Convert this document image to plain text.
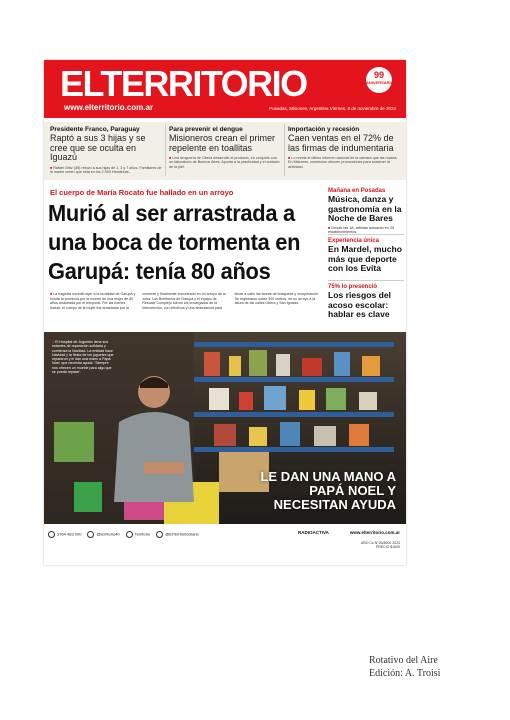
ELTERRITORIO
www.elterritorio.com.ar
99
ANIVERSARIO
Posadas, Misiones, Argentina Viernes, 8 de noviembre de 2024
Presidente Franco, Paraguay
Raptó a sus 3 hijas y se cree que se oculta en Iguazú
■ Rafael Ortiz (39) retuvo a sus hijas de 1, 3 y 7 años. Familiares de la madre creen que está en los 2.000 Hectáreas.
Para prevenir el dengue
Misioneros crean el primer repelente en toallitas
■ Una droguería de Oberá desarrolló el producto, en conjunto con un laboratorio de Buenos Aires. Apunta a la practicidad y el cuidado de la piel.
Importación y recesión
Caen ventas en el 72% de las firmas de indumentaria
■ Lo revela el último informe nacional de la cámara que las nuclea. En Misiones, comercios ofrecen promociones para sostener la actividad.
El cuerpo de María Rocato fue hallado en un arroyo
Murió al ser arrastrada a una boca de tormenta en Garupá: tenía 80 años
■ La tragedia sucedió ayer a la localidad de Garupá y enluta la provincia por la muerte de una mujer de 80 años arrastrada por el temporal. Por las fuertes lluvias, el cuerpo de la mujer fue arrastrada por la corriente y finalmente encontrado en un arroyo de la zona. Los Bomberos de Garupá y el equipo de Rescate Complejo fueron los encargados de la intervención, con efectivos y una ambulancia para llevar a cabo las tareas de búsqueda y recuperación. Se registraron sobre 300 metros, en un arroyo a la altura de las calles Obera y San Ignacio.
Mañana en Posadas
Música, danza y gastronomía en la Noche de Bares
■ Desde las 18, artistas actuarán en 25 establecimientos.
Experiencia única
En Mardel, mucho más que deporte con los Evita
75% lo presenció
Los riesgos del acoso escolar: hablar es clave
■ El Hospital de Juguetes llena sus estantes de reparación solidaria y comienza la Navidad. La entidad hace Navidad y la fiesta de los juguetes que repararon y le dan una mano a Papá Noel, que necesita ayuda. 'Siempre nos ofrecen un mueble para algo que se pueda reparar'.
LE DAN UNA MANO A PAPÁ NOEL Y NECESITAN AYUDA
3764 483 000	@territorio40	Territorio	@ElTerritorioDiario	RADIOACTIVA	www.elterritorio.com.ar
AÑO Cs N°26/8000 2024 PRECIO $1000
Rotativo del Aire
Edición: A. Troisi
